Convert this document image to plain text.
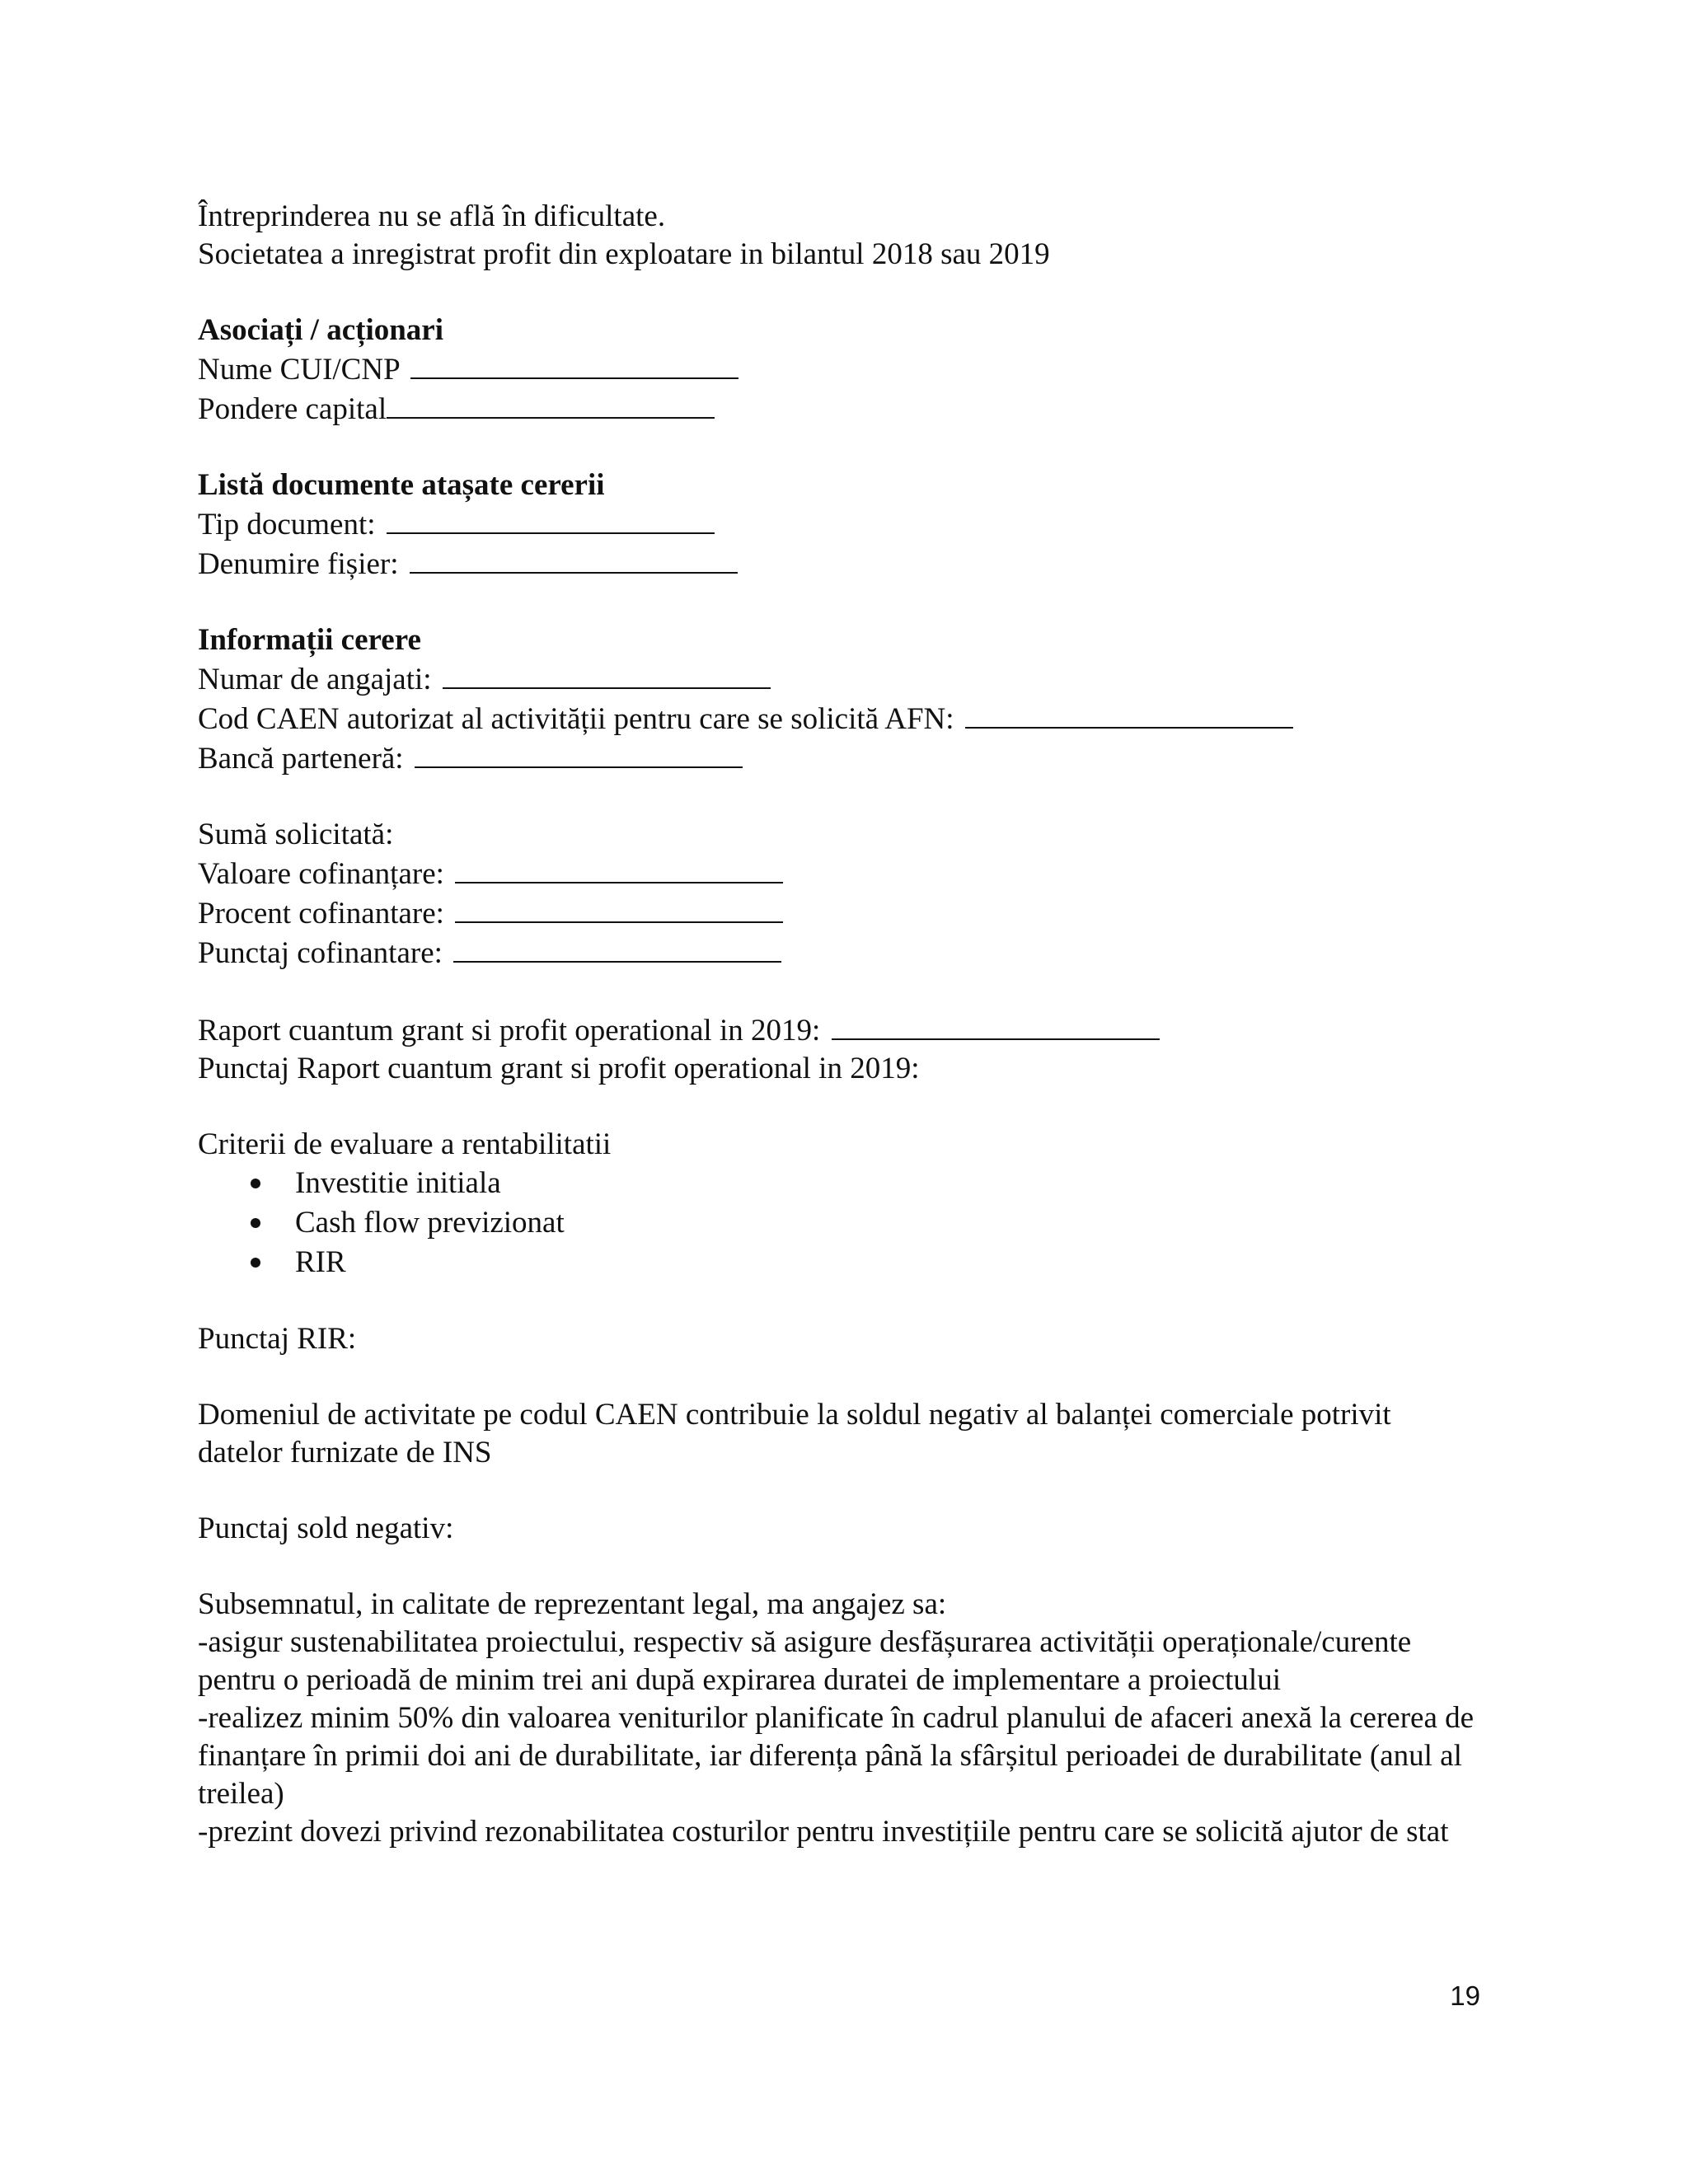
Întreprinderea nu se află în dificultate.
Societatea a inregistrat profit din exploatare in bilantul 2018 sau 2019
Asociați / acționari
Nume CUI/CNP
Pondere capital
Listă documente atașate cererii
Tip document:
Denumire fișier:
Informații cerere
Numar de angajati:
Cod CAEN autorizat al activității pentru care se solicită AFN:
Bancă parteneră:
Sumă solicitată:
Valoare cofinanțare:
Procent cofinantare:
Punctaj cofinantare:
Raport cuantum grant si profit operational in 2019:
Punctaj Raport cuantum grant si profit operational in 2019:
Criterii de evaluare a rentabilitatii
Investitie initiala
Cash flow previzionat
RIR
Punctaj RIR:
Domeniul de activitate pe codul CAEN contribuie la soldul negativ al balanței comerciale potrivit datelor furnizate de INS
Punctaj sold negativ:
Subsemnatul, in calitate de reprezentant legal, ma angajez sa:
-asigur sustenabilitatea proiectului, respectiv să asigure desfășurarea activității operaționale/curente pentru o perioadă de minim trei ani după expirarea duratei de implementare a proiectului
-realizez minim 50% din valoarea veniturilor planificate în cadrul planului de afaceri anexă la cererea de finanțare în primii doi ani de durabilitate, iar diferența până la sfârșitul perioadei de durabilitate (anul al treilea)
-prezint dovezi privind rezonabilitatea costurilor pentru investițiile pentru care se solicită ajutor de stat
19
